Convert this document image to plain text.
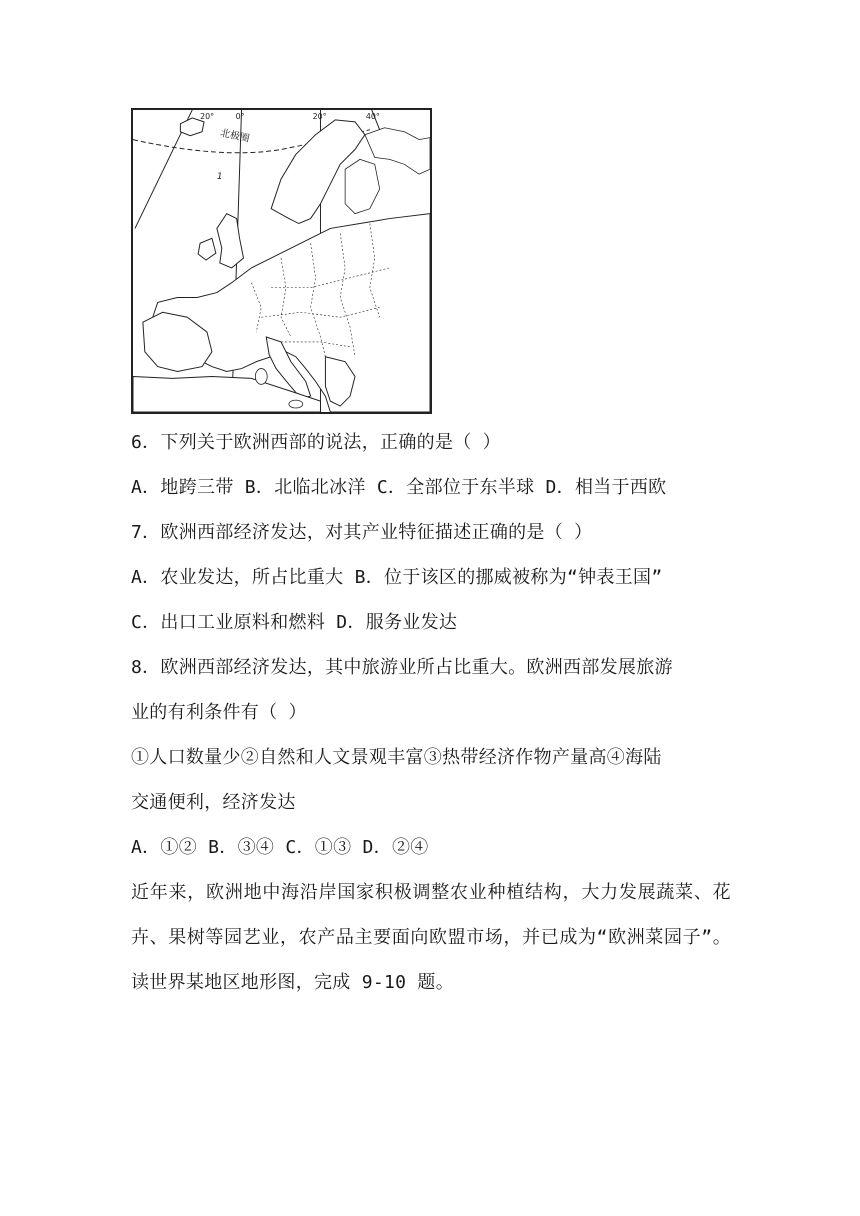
20°	0°	20°	40°
北极圈
1
6．下列关于欧洲西部的说法，正确的是（ ）
A．地跨三带 B．北临北冰洋 C．全部位于东半球 D．相当于西欧
7．欧洲西部经济发达，对其产业特征描述正确的是（ ）
A．农业发达，所占比重大 B．位于该区的挪威被称为“钟表王国”
C．出口工业原料和燃料 D．服务业发达
8．欧洲西部经济发达，其中旅游业所占比重大。欧洲西部发展旅游
业的有利条件有（ ）
①人口数量少②自然和人文景观丰富③热带经济作物产量高④海陆
交通便利，经济发达
A．①② B．③④ C．①③ D．②④
近年来，欧洲地中海沿岸国家积极调整农业种植结构，大力发展蔬菜、花卉、果树等园艺业，农产品主要面向欧盟市场，并已成为“欧洲菜园子”。读世界某地区地形图，完成 9-10 题。
